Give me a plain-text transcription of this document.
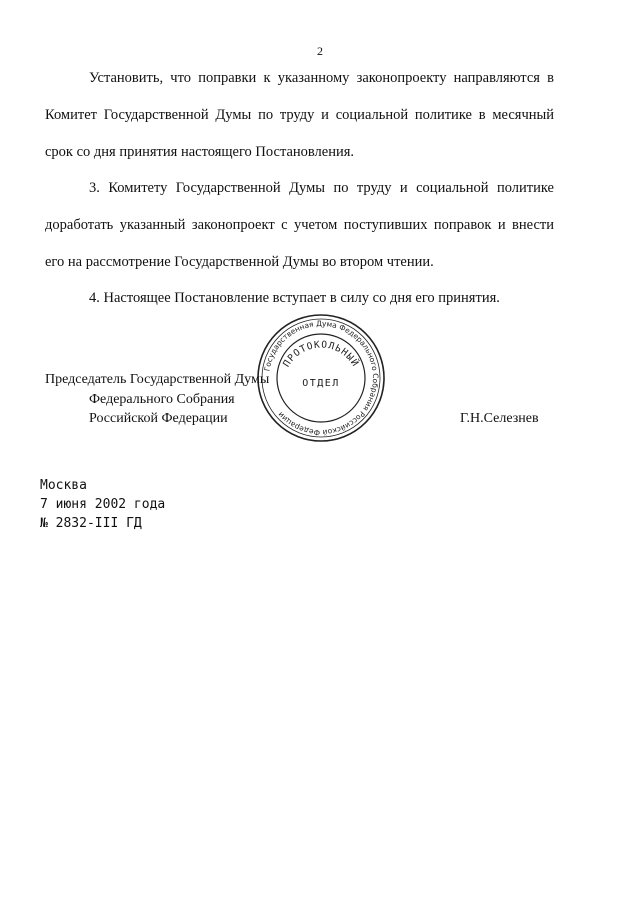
2
Установить, что поправки к указанному законопроекту направляются в
Комитет Государственной Думы по труду и социальной политике в месячный
срок со дня принятия настоящего Постановления.
3. Комитету Государственной Думы по труду и социальной политике
доработать указанный законопроект с учетом поступивших поправок и внести
его на рассмотрение Государственной Думы во втором чтении.
4. Настоящее Постановление вступает в силу со дня его принятия.
Государственная Дума Федерального Собрания Российской Федерации
ПРОТОКОЛЬНЫЙ
ОТДЕЛ
Председатель Государственной Думы
Федерального Собрания
Российской Федерации	Г.Н.Селезнев
Москва
7 июня 2002 года
№ 2832-III ГД
